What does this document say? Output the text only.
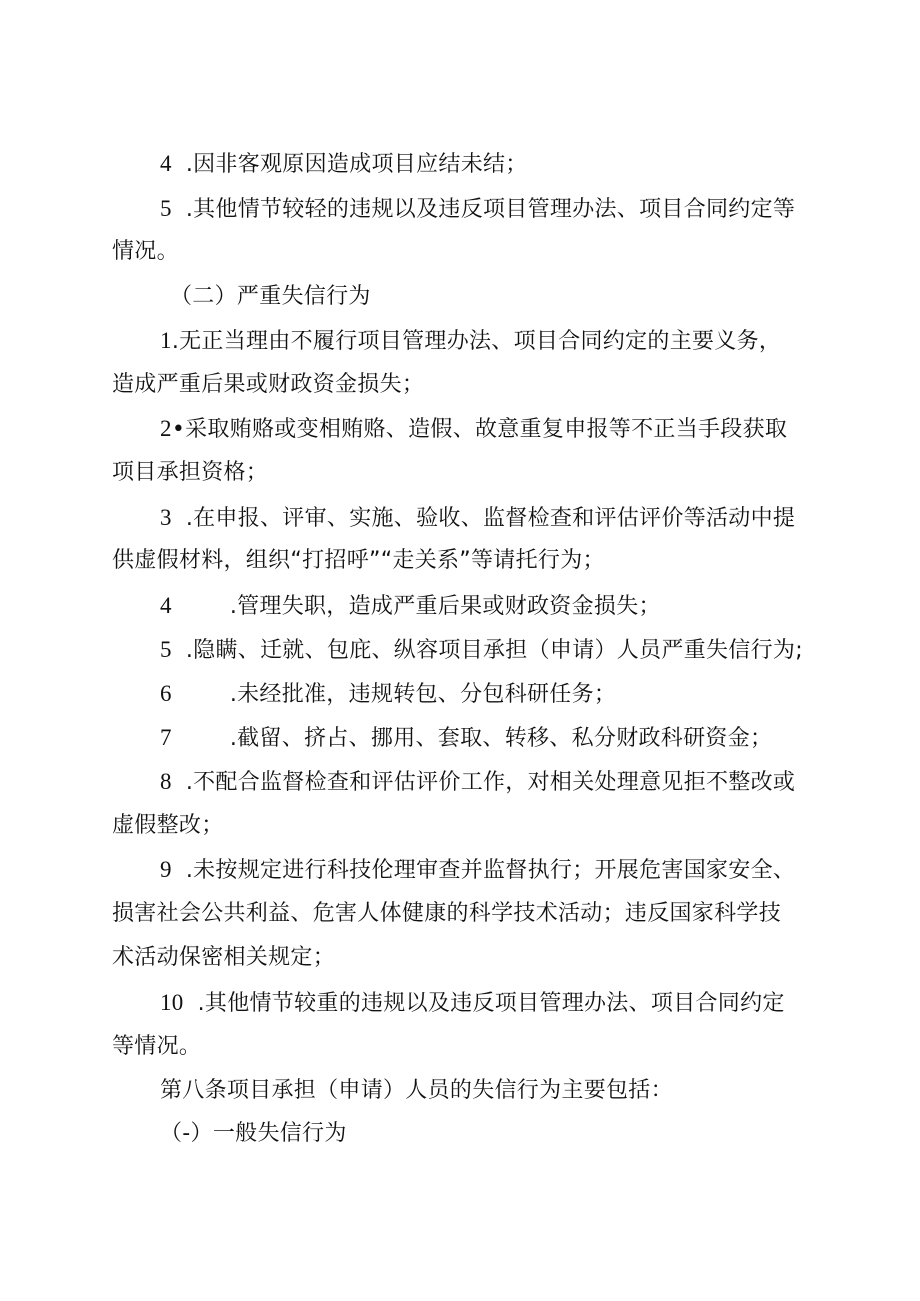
4 .因非客观原因造成项目应结未结；
5 .其他情节较轻的违规以及违反项目管理办法、项目合同约定等
情况。
（二）严重失信行为
1.无正当理由不履行项目管理办法、项目合同约定的主要义务，
造成严重后果或财政资金损失；
2•采取贿赂或变相贿赂、造假、故意重复申报等不正当手段获取
项目承担资格；
3 .在申报、评审、实施、验收、监督检查和评估评价等活动中提
供虚假材料，组织“打招呼”“走关系”等请托行为；
4	.管理失职，造成严重后果或财政资金损失；
5 .隐瞒、迁就、包庇、纵容项目承担（申请）人员严重失信行为;
6	.未经批准，违规转包、分包科研任务；
7	.截留、挤占、挪用、套取、转移、私分财政科研资金；
8 .不配合监督检查和评估评价工作，对相关处理意见拒不整改或
虚假整改；
9 .未按规定进行科技伦理审查并监督执行；开展危害国家安全、
损害社会公共利益、危害人体健康的科学技术活动；违反国家科学技
术活动保密相关规定；
10 .其他情节较重的违规以及违反项目管理办法、项目合同约定
等情况。
第八条项目承担（申请）人员的失信行为主要包括：
（-）一般失信行为
